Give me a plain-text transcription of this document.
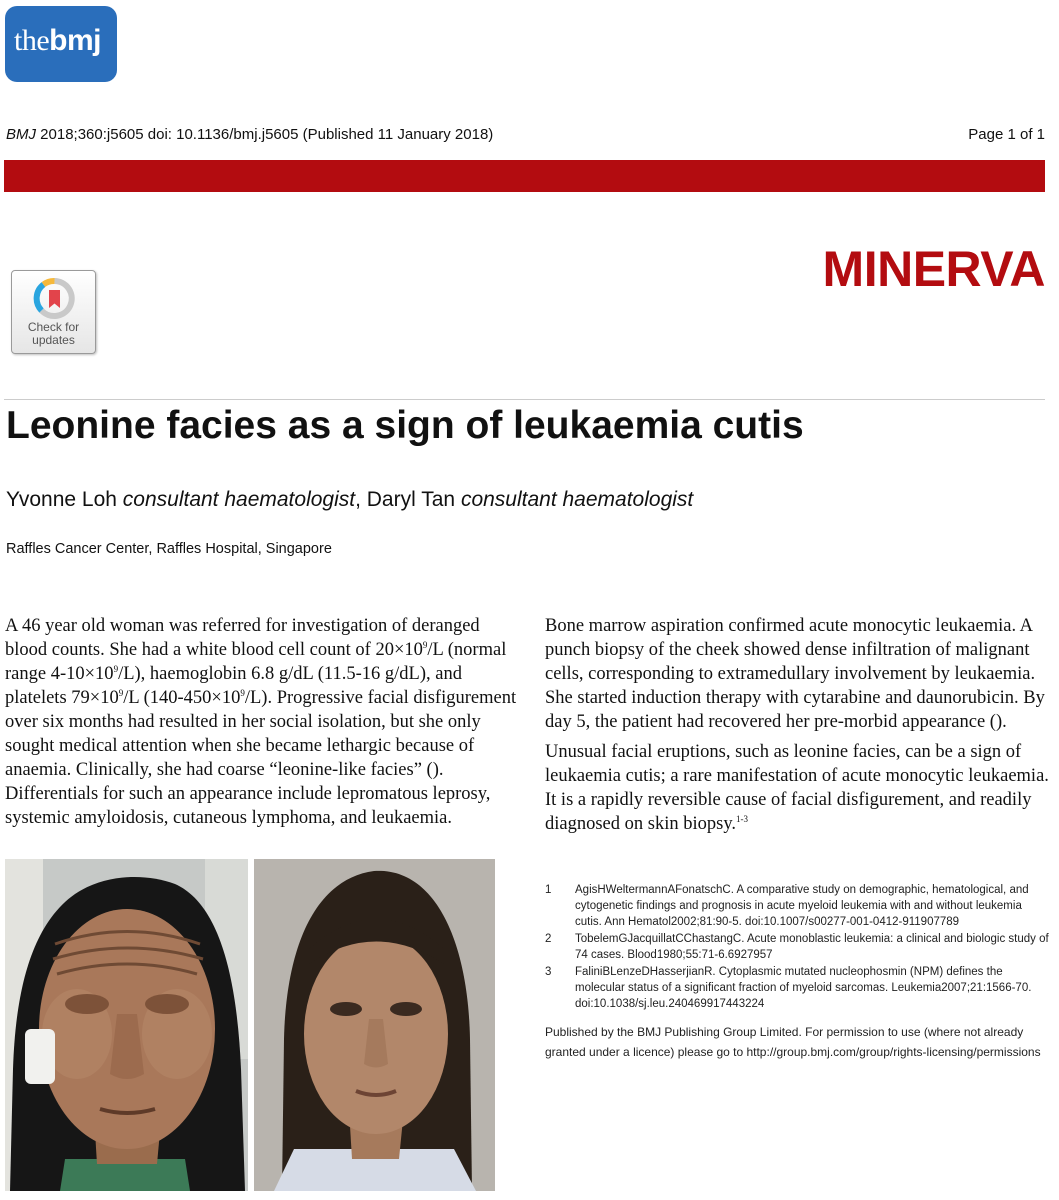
thebmj
BMJ 2018;360:j5605 doi: 10.1136/bmj.j5605 (Published 11 January 2018)	Page 1 of 1
MINERVA
Check for
updates
Leonine facies as a sign of leukaemia cutis
Yvonne Loh consultant haematologist, Daryl Tan consultant haematologist
Raffles Cancer Center, Raffles Hospital, Singapore

A 46 year old woman was referred for investigation of deranged blood counts. She had a white blood cell count of $20\times 10^9/L$ (normal range $4-10\times 10^9/L$), haemoglobin 6.8 g/dL (11.5-16 g/dL), and platelets $79\times 10^9/L$ $(140-450\times 10^9/L)$. Progressive facial disfigurement over six months had resulted in her social isolation, but she only sought medical attention when she became lethargic because of anaemia. Clinically, she had coarse “leonine-like facies” (). Differentials for such an appearance include lepromatous leprosy, systemic amyloidosis, cutaneous lymphoma, and leukaemia.

Bone marrow aspiration confirmed acute monocytic leukaemia. A punch biopsy of the cheek showed dense infiltration of malignant cells, corresponding to extramedullary involvement by leukaemia. She started induction therapy with cytarabine and daunorubicin. By day 5, the patient had recovered her pre-morbid appearance ().

Unusual facial eruptions, such as leonine facies, can be a sign of leukaemia cutis; a rare manifestation of acute monocytic leukaemia. It is a rapidly reversible cause of facial disfigurement, and readily diagnosed on skin biopsy.$^{1-3}$

1	AgisHWeltermannAFonatschC. A comparative study on demographic, hematological, and cytogenetic findings and prognosis in acute myeloid leukemia with and without leukemia cutis. Ann Hematol2002;81:90-5. doi:10.1007/s00277-001-0412-911907789
2	TobelemGJacquillatCChastangC. Acute monoblastic leukemia: a clinical and biologic study of 74 cases. Blood1980;55:71-6.6927957
3	FaliniBLenzeDHasserjianR. Cytoplasmic mutated nucleophosmin (NPM) defines the molecular status of a significant fraction of myeloid sarcomas. Leukemia2007;21:1566-70. doi:10.1038/sj.leu.240469917443224
Published by the BMJ Publishing Group Limited. For permission to use (where not already granted under a licence) please go to http://group.bmj.com/group/rights-licensing/permissions
